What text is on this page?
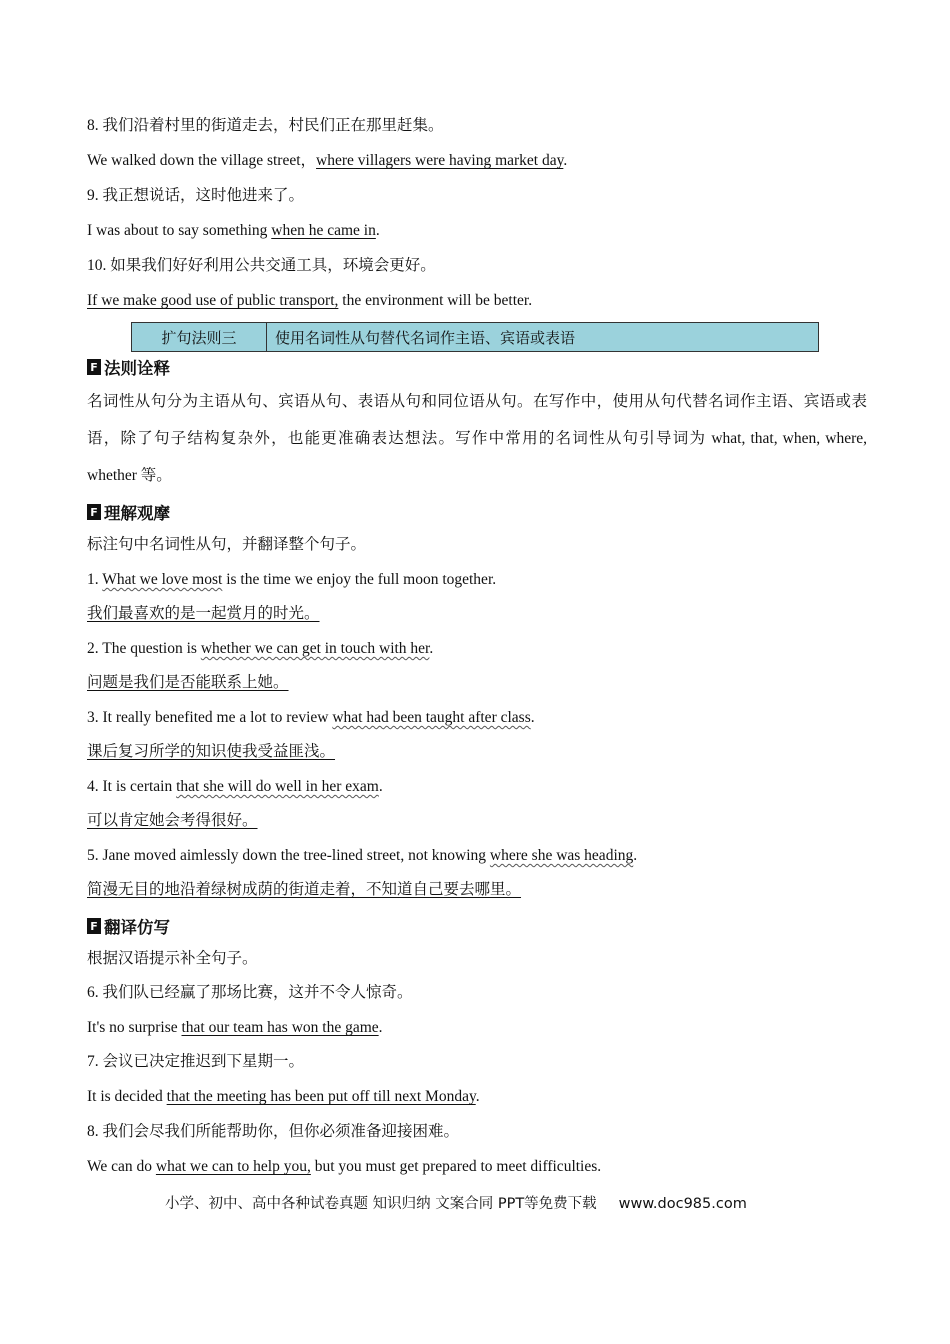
8. 我们沿着村里的街道走去，村民们正在那里赶集。
We walked down the village street，where villagers were having market day.
9. 我正想说话，这时他进来了。
I was about to say something when he came in.
10. 如果我们好好利用公共交通工具，环境会更好。
If we make good use of public transport, the environment will be better.
扩句法则三	使用名词性从句替代名词作主语、宾语或表语
F 法则诠释
名词性从句分为主语从句、宾语从句、表语从句和同位语从句。在写作中，使用从句代替名词作主语、宾语或表语，除了句子结构复杂外，也能更准确表达想法。写作中常用的名词性从句引导词为 what, that, when, where, whether 等。
F 理解观摩
标注句中名词性从句，并翻译整个句子。
1. What we love most is the time we enjoy the full moon together.
我们最喜欢的是一起赏月的时光。
2. The question is whether we can get in touch with her.
问题是我们是否能联系上她。
3. It really benefited me a lot to review what had been taught after class.
课后复习所学的知识使我受益匪浅。
4. It is certain that she will do well in her exam.
可以肯定她会考得很好。
5. Jane moved aimlessly down the tree-lined street, not knowing where she was heading.
简漫无目的地沿着绿树成荫的街道走着，不知道自己要去哪里。
F 翻译仿写
根据汉语提示补全句子。
6. 我们队已经赢了那场比赛，这并不令人惊奇。
It's no surprise that our team has won the game.
7. 会议已决定推迟到下星期一。
It is decided that the meeting has been put off till next Monday.
8. 我们会尽我们所能帮助你，但你必须准备迎接困难。
We can do what we can to help you, but you must get prepared to meet difficulties.
小学、初中、高中各种试卷真题 知识归纳 文案合同 PPT等免费下载 www.doc985.com
